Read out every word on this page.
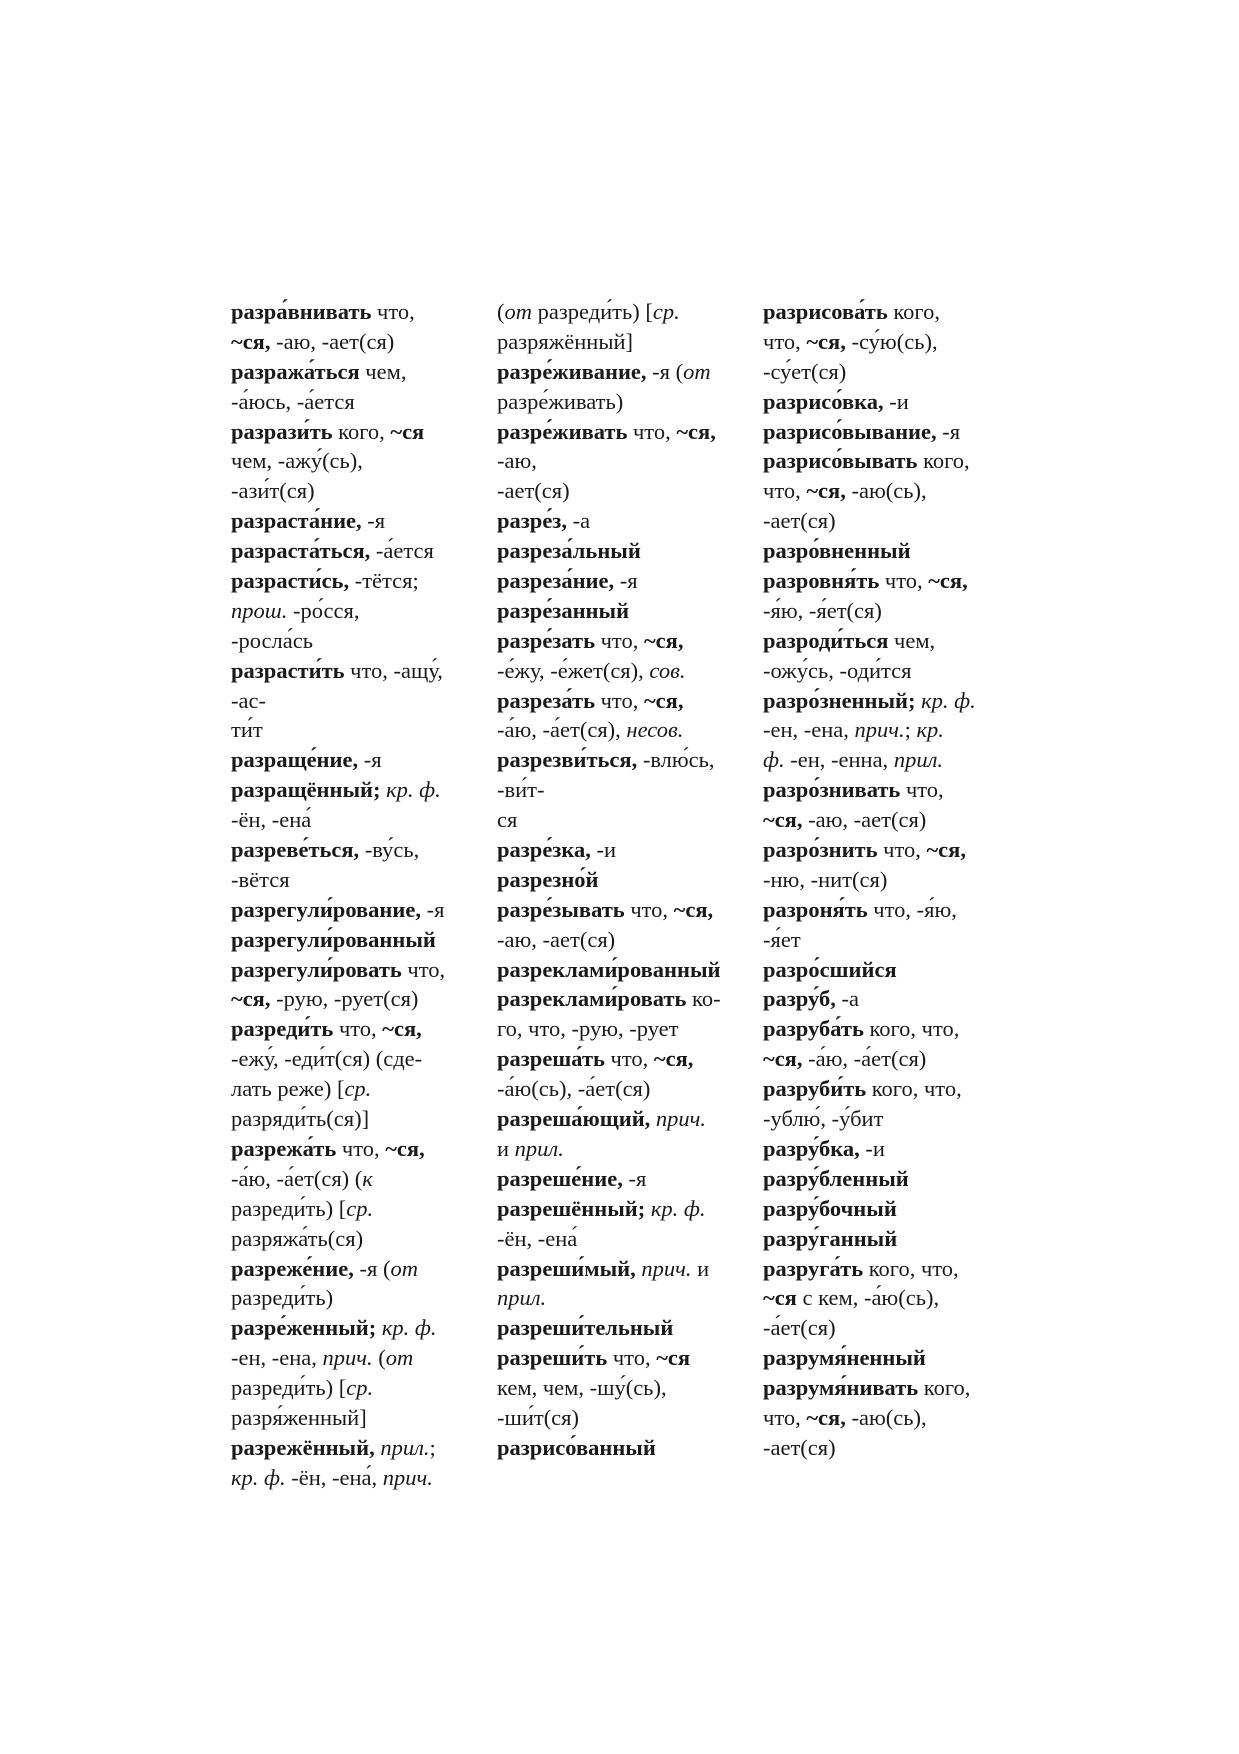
разра́внивать что,
~ся, -аю, -ает(ся)
разража́ться чем,
-а́юсь, -а́ется
разрази́ть кого, ~ся
чем, -ажу́(сь),
-ази́т(ся)
разраста́ние, -я
разраста́ться, -а́ется
разрасти́сь, -тётся;
прош. -ро́сся,
-росла́сь
разрасти́ть что, -ащу́,
-ас-
ти́т
разраще́ние, -я
разращённый; кр. ф.
-ён, -ена́
разреве́ться, -ву́сь,
-вётся
разрегули́рование, -я
разрегули́рованный
разрегули́ровать что,
~ся, -рую, -рует(ся)
разреди́ть что, ~ся,
-ежу́, -еди́т(ся) (сде-
лать реже) [ср.
разряди́ть(ся)]
разрежа́ть что, ~ся,
-а́ю, -а́ет(ся) (к
разреди́ть) [ср.
разряжа́ть(ся)
разреже́ние, -я (от
разреди́ть)
разре́женный; кр. ф.
-ен, -ена, прич. (от
разреди́ть) [ср.
разря́женный]
разрежённый, прил.;
кр. ф. -ён, -ена́, прич.
(от разреди́ть) [ср.
разряжённый]
разре́живание, -я (от
разре́живать)
разре́живать что, ~ся,
-аю,
-ает(ся)
разре́з, -а
разреза́льный
разреза́ние, -я
разре́занный
разре́зать что, ~ся,
-е́жу, -е́жет(ся), сов.
разреза́ть что, ~ся,
-а́ю, -а́ет(ся), несов.
разрезви́ться, -влю́сь,
-ви́т-
ся
разре́зка, -и
разрезно́й
разре́зывать что, ~ся,
-аю, -ает(ся)
разреклами́рованный
разреклами́ровать ко-
го, что, -рую, -рует
разреша́ть что, ~ся,
-а́ю(сь), -а́ет(ся)
разреша́ющий, прич.
и прил.
разреше́ние, -я
разрешённый; кр. ф.
-ён, -ена́
разреши́мый, прич. и
прил.
разреши́тельный
разреши́ть что, ~ся
кем, чем, -шу́(сь),
-ши́т(ся)
разрисо́ванный
разрисова́ть кого,
что, ~ся, -су́ю(сь),
-су́ет(ся)
разрисо́вка, -и
разрисо́вывание, -я
разрисо́вывать кого,
что, ~ся, -аю(сь),
-ает(ся)
разро́вненный
разровня́ть что, ~ся,
-я́ю, -я́ет(ся)
разроди́ться чем,
-ожу́сь, -оди́тся
разро́зненный; кр. ф.
-ен, -ена, прич.; кр.
ф. -ен, -енна, прил.
разро́знивать что,
~ся, -аю, -ает(ся)
разро́знить что, ~ся,
-ню, -нит(ся)
разроня́ть что, -я́ю,
-я́ет
разро́сшийся
разру́б, -а
разруба́ть кого, что,
~ся, -а́ю, -а́ет(ся)
разруби́ть кого, что,
-ублю́, -у́бит
разру́бка, -и
разру́бленный
разру́бочный
разру́ганный
разруга́ть кого, что,
~ся с кем, -а́ю(сь),
-а́ет(ся)
разрумя́ненный
разрумя́нивать кого,
что, ~ся, -аю(сь),
-ает(ся)
